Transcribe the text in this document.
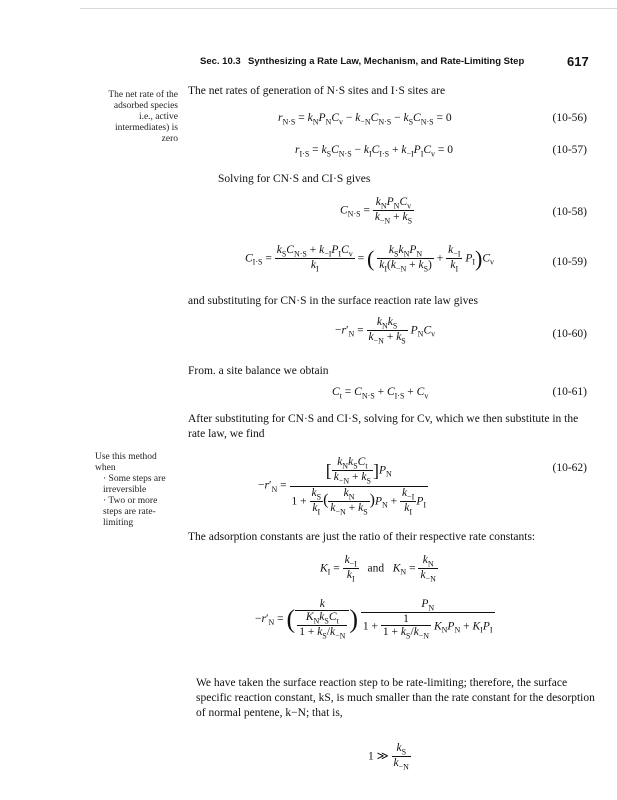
Sec. 10.3 Synthesizing a Rate Law, Mechanism, and Rate-Limiting Step	617
The net rate of the adsorbed species i.e., active intermediates) is zero
The net rates of generation of N·S sites and I·S sites are
$r_{N\cdot S} = k_NP_NC_v - k_{-N}C_{N\cdot S} - k_SC_{N\cdot S} = 0$	(10-56)
$r_{I\cdot S} = k_SC_{N\cdot S} - k_IC_{I\cdot S} + k_{-I}P_IC_v = 0$	(10-57)
Solving for CN·S and CI·S gives
$C_{N\cdot S} = \frac{k_NP_NC_v}{k_{-N} + k_S}$	(10-58)
$C_{I\cdot S} = \frac{k_SC_{N\cdot S} + k_{-I}P_IC_v}{k_I}$ = ( $\frac{k_Sk_NP_N}{k_I(k_{-N} + k_S)} + \frac{k_{-I}}{k_I} P_I)C_v$	(10-59)
and substituting for CN·S in the surface reaction rate law gives
$-r'_N = \frac{k_Nk_S}{k_{-N} + k_S} P_NC_v$	(10-60)
From. a site balance we obtain
$C_t = C_{N\cdot S} + C_{I\cdot S} + C_v$	(10-61)
After substituting for CN·S and CI·S, solving for Cv, which we then substitute in the rate law, we find
Use this method when
· Some steps are irreversible
· Two or more steps are rate-limiting
$-r'_N = \frac{[ \frac{k_Nk_SC_t}{k_{-N} + k_S} ]P_N}{1 + \frac{k_S}{k_I} ( \frac{k_N}{k_{-N} + k_S} )P_N + \frac{k_{-I}}{k_I} P_I}$	(10-62)
The adsorption constants are just the ratio of their respective rate constants:
$K_I = \frac{k_{-I}}{k_I}$ and $K_N = \frac{k_N}{k_{-N}}$
$-r'_N$ = ( $\frac{k}{\frac{K_Nk_SC_t}{1 + k_S/k_{-N}}}$ ) $\frac{P_N}{1 + \frac{1}{1 + k_S/k_{-N}} K_NP_N + K_IP_I}$
We have taken the surface reaction step to be rate-limiting; therefore, the surface specific reaction constant, kS, is much smaller than the rate constant for the desorption of normal pentene, k−N; that is,
1 ≫ $\frac{k_S}{k_{-N}}$
